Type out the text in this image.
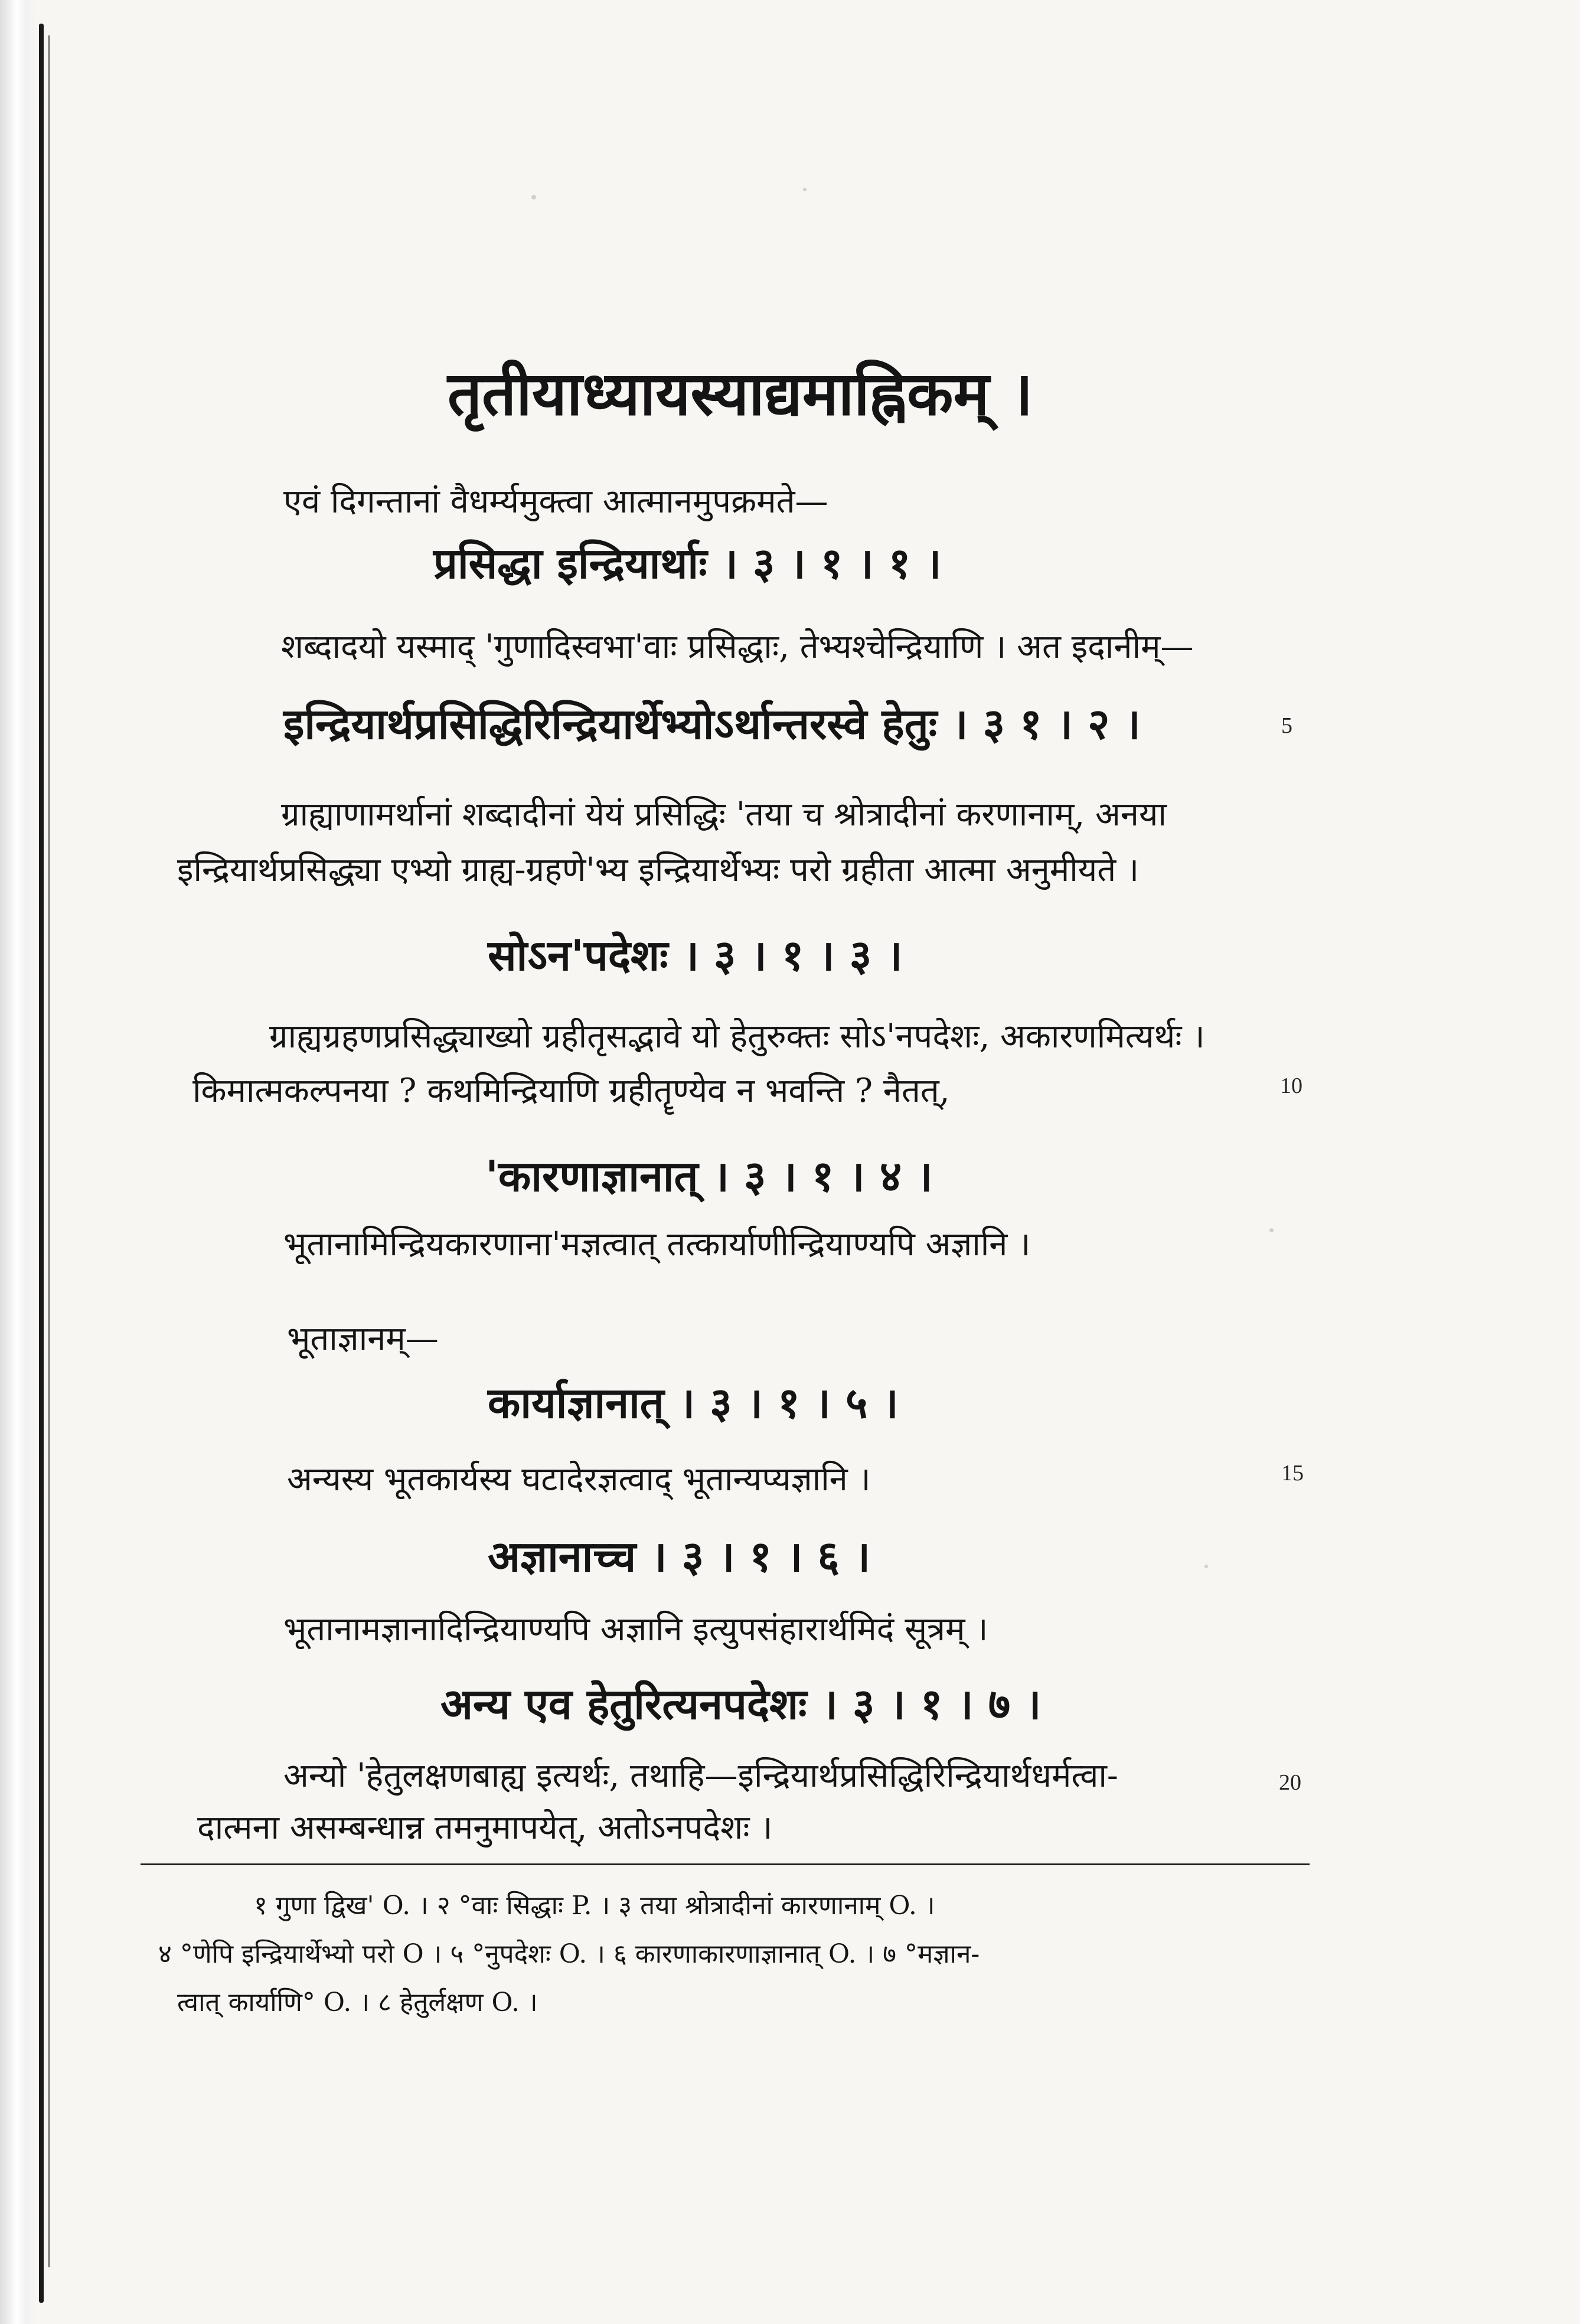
तृतीयाध्यायस्याद्यमाह्निकम् ।
एवं दिगन्तानां वैधर्म्यमुक्त्वा आत्मानमुपक्रमते—
प्रसिद्धा इन्द्रियार्थाः । ३ । १ । १ ।
शब्दादयो यस्माद् 'गुणादिस्वभा'वाः प्रसिद्धाः, तेभ्यश्चेन्द्रियाणि । अत इदानीम्—
इन्द्रियार्थप्रसिद्धिरिन्द्रियार्थेभ्योऽर्थान्तरस्वे हेतुः । ३ १ । २ ।	5
ग्राह्याणामर्थानां शब्दादीनां येयं प्रसिद्धिः 'तया च श्रोत्रादीनां करणानाम्, अनया
इन्द्रियार्थप्रसिद्ध्या एभ्यो ग्राह्य-ग्रहणे'भ्य इन्द्रियार्थेभ्यः परो ग्रहीता आत्मा अनुमीयते ।
सोऽन'पदेशः । ३ । १ । ३ ।
ग्राह्यग्रहणप्रसिद्ध्याख्यो ग्रहीतृसद्भावे यो हेतुरुक्तः सोऽ'नपदेशः, अकारणमित्यर्थः ।
किमात्मकल्पनया ? कथमिन्द्रियाणि ग्रहीतॄण्येव न भवन्ति ? नैतत्,	10
'कारणाज्ञानात् । ३ । १ । ४ ।
भूतानामिन्द्रियकारणाना'मज्ञत्वात् तत्कार्याणीन्द्रियाण्यपि अज्ञानि ।
भूताज्ञानम्—
कार्याज्ञानात् । ३ । १ । ५ ।
अन्यस्य भूतकार्यस्य घटादेरज्ञत्वाद् भूतान्यप्यज्ञानि ।	15
अज्ञानाच्च । ३ । १ । ६ ।
भूतानामज्ञानादिन्द्रियाण्यपि अज्ञानि इत्युपसंहारार्थमिदं सूत्रम् ।
अन्य एव हेतुरित्यनपदेशः । ३ । १ । ७ ।
अन्यो 'हेतुलक्षणबाह्य इत्यर्थः, तथाहि—इन्द्रियार्थप्रसिद्धिरिन्द्रियार्थधर्मत्वा-
दात्मना असम्बन्धान्न तमनुमापयेत्, अतोऽनपदेशः ।
20
१ गुणा द्विख' O. । २ °वाः सिद्धाः P. । ३ तया श्रोत्रादीनां कारणानाम् O. ।
४ °णेपि इन्द्रियार्थेभ्यो परो O । ५ °नुपदेशः O. । ६ कारणाकारणाज्ञानात् O. । ७ °मज्ञान-
त्वात् कार्याणि° O. । ८ हेतुर्लक्षण O. ।
